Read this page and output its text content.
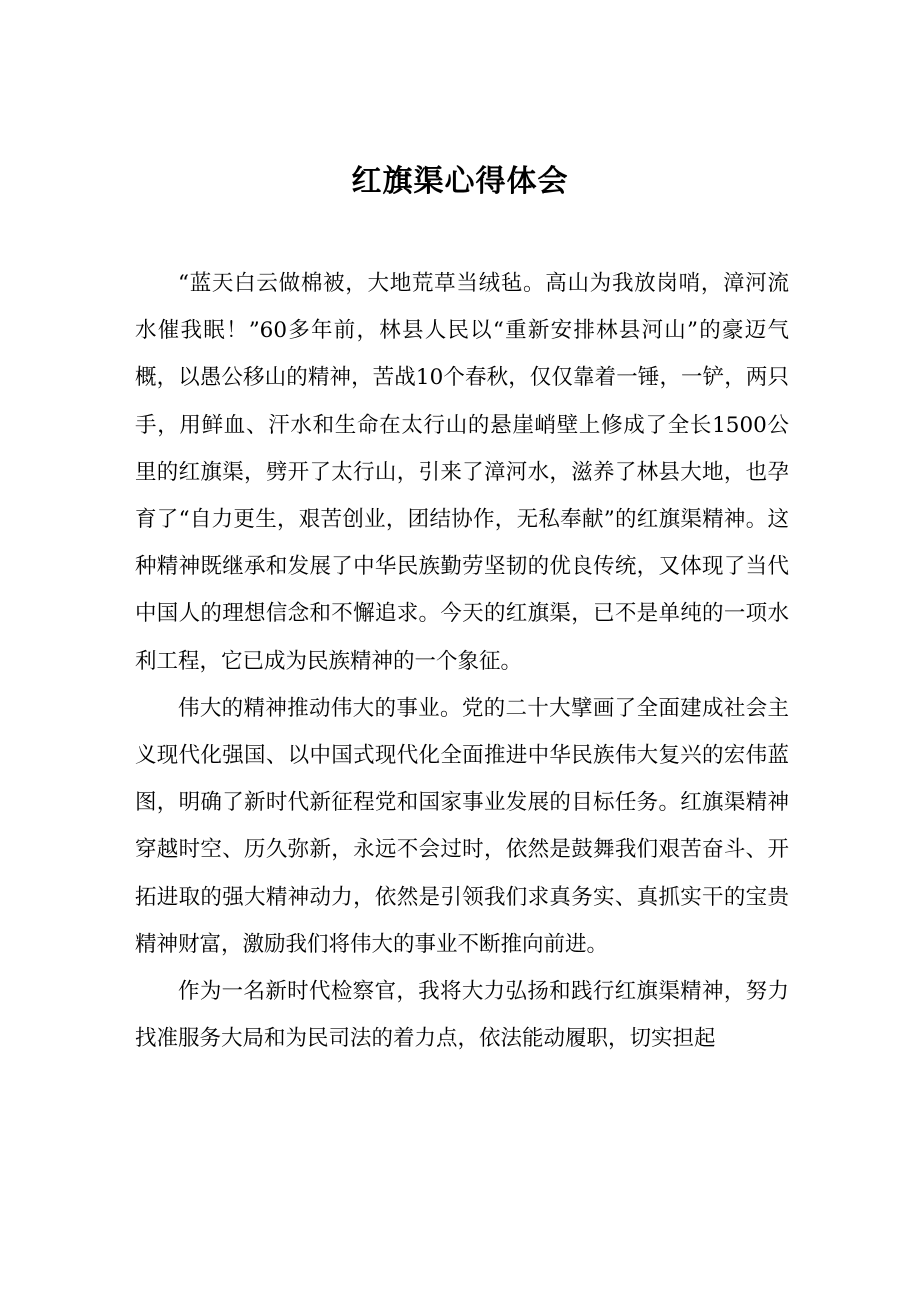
红旗渠心得体会

“蓝天白云做棉被，大地荒草当绒毡。高山为我放岗哨，漳河流水催我眠！”60多年前，林县人民以“重新安排林县河山”的豪迈气概，以愚公移山的精神，苦战10个春秋，仅仅靠着一锤，一铲，两只手，用鲜血、汗水和生命在太行山的悬崖峭壁上修成了全长1500公里的红旗渠，劈开了太行山，引来了漳河水，滋养了林县大地，也孕育了“自力更生，艰苦创业，团结协作，无私奉献”的红旗渠精神。这种精神既继承和发展了中华民族勤劳坚韧的优良传统，又体现了当代中国人的理想信念和不懈追求。今天的红旗渠，已不是单纯的一项水利工程，它已成为民族精神的一个象征。

伟大的精神推动伟大的事业。党的二十大擘画了全面建成社会主义现代化强国、以中国式现代化全面推进中华民族伟大复兴的宏伟蓝图，明确了新时代新征程党和国家事业发展的目标任务。红旗渠精神穿越时空、历久弥新，永远不会过时，依然是鼓舞我们艰苦奋斗、开拓进取的强大精神动力，依然是引领我们求真务实、真抓实干的宝贵精神财富，激励我们将伟大的事业不断推向前进。

作为一名新时代检察官，我将大力弘扬和践行红旗渠精神，努力找准服务大局和为民司法的着力点，依法能动履职，切实担起
